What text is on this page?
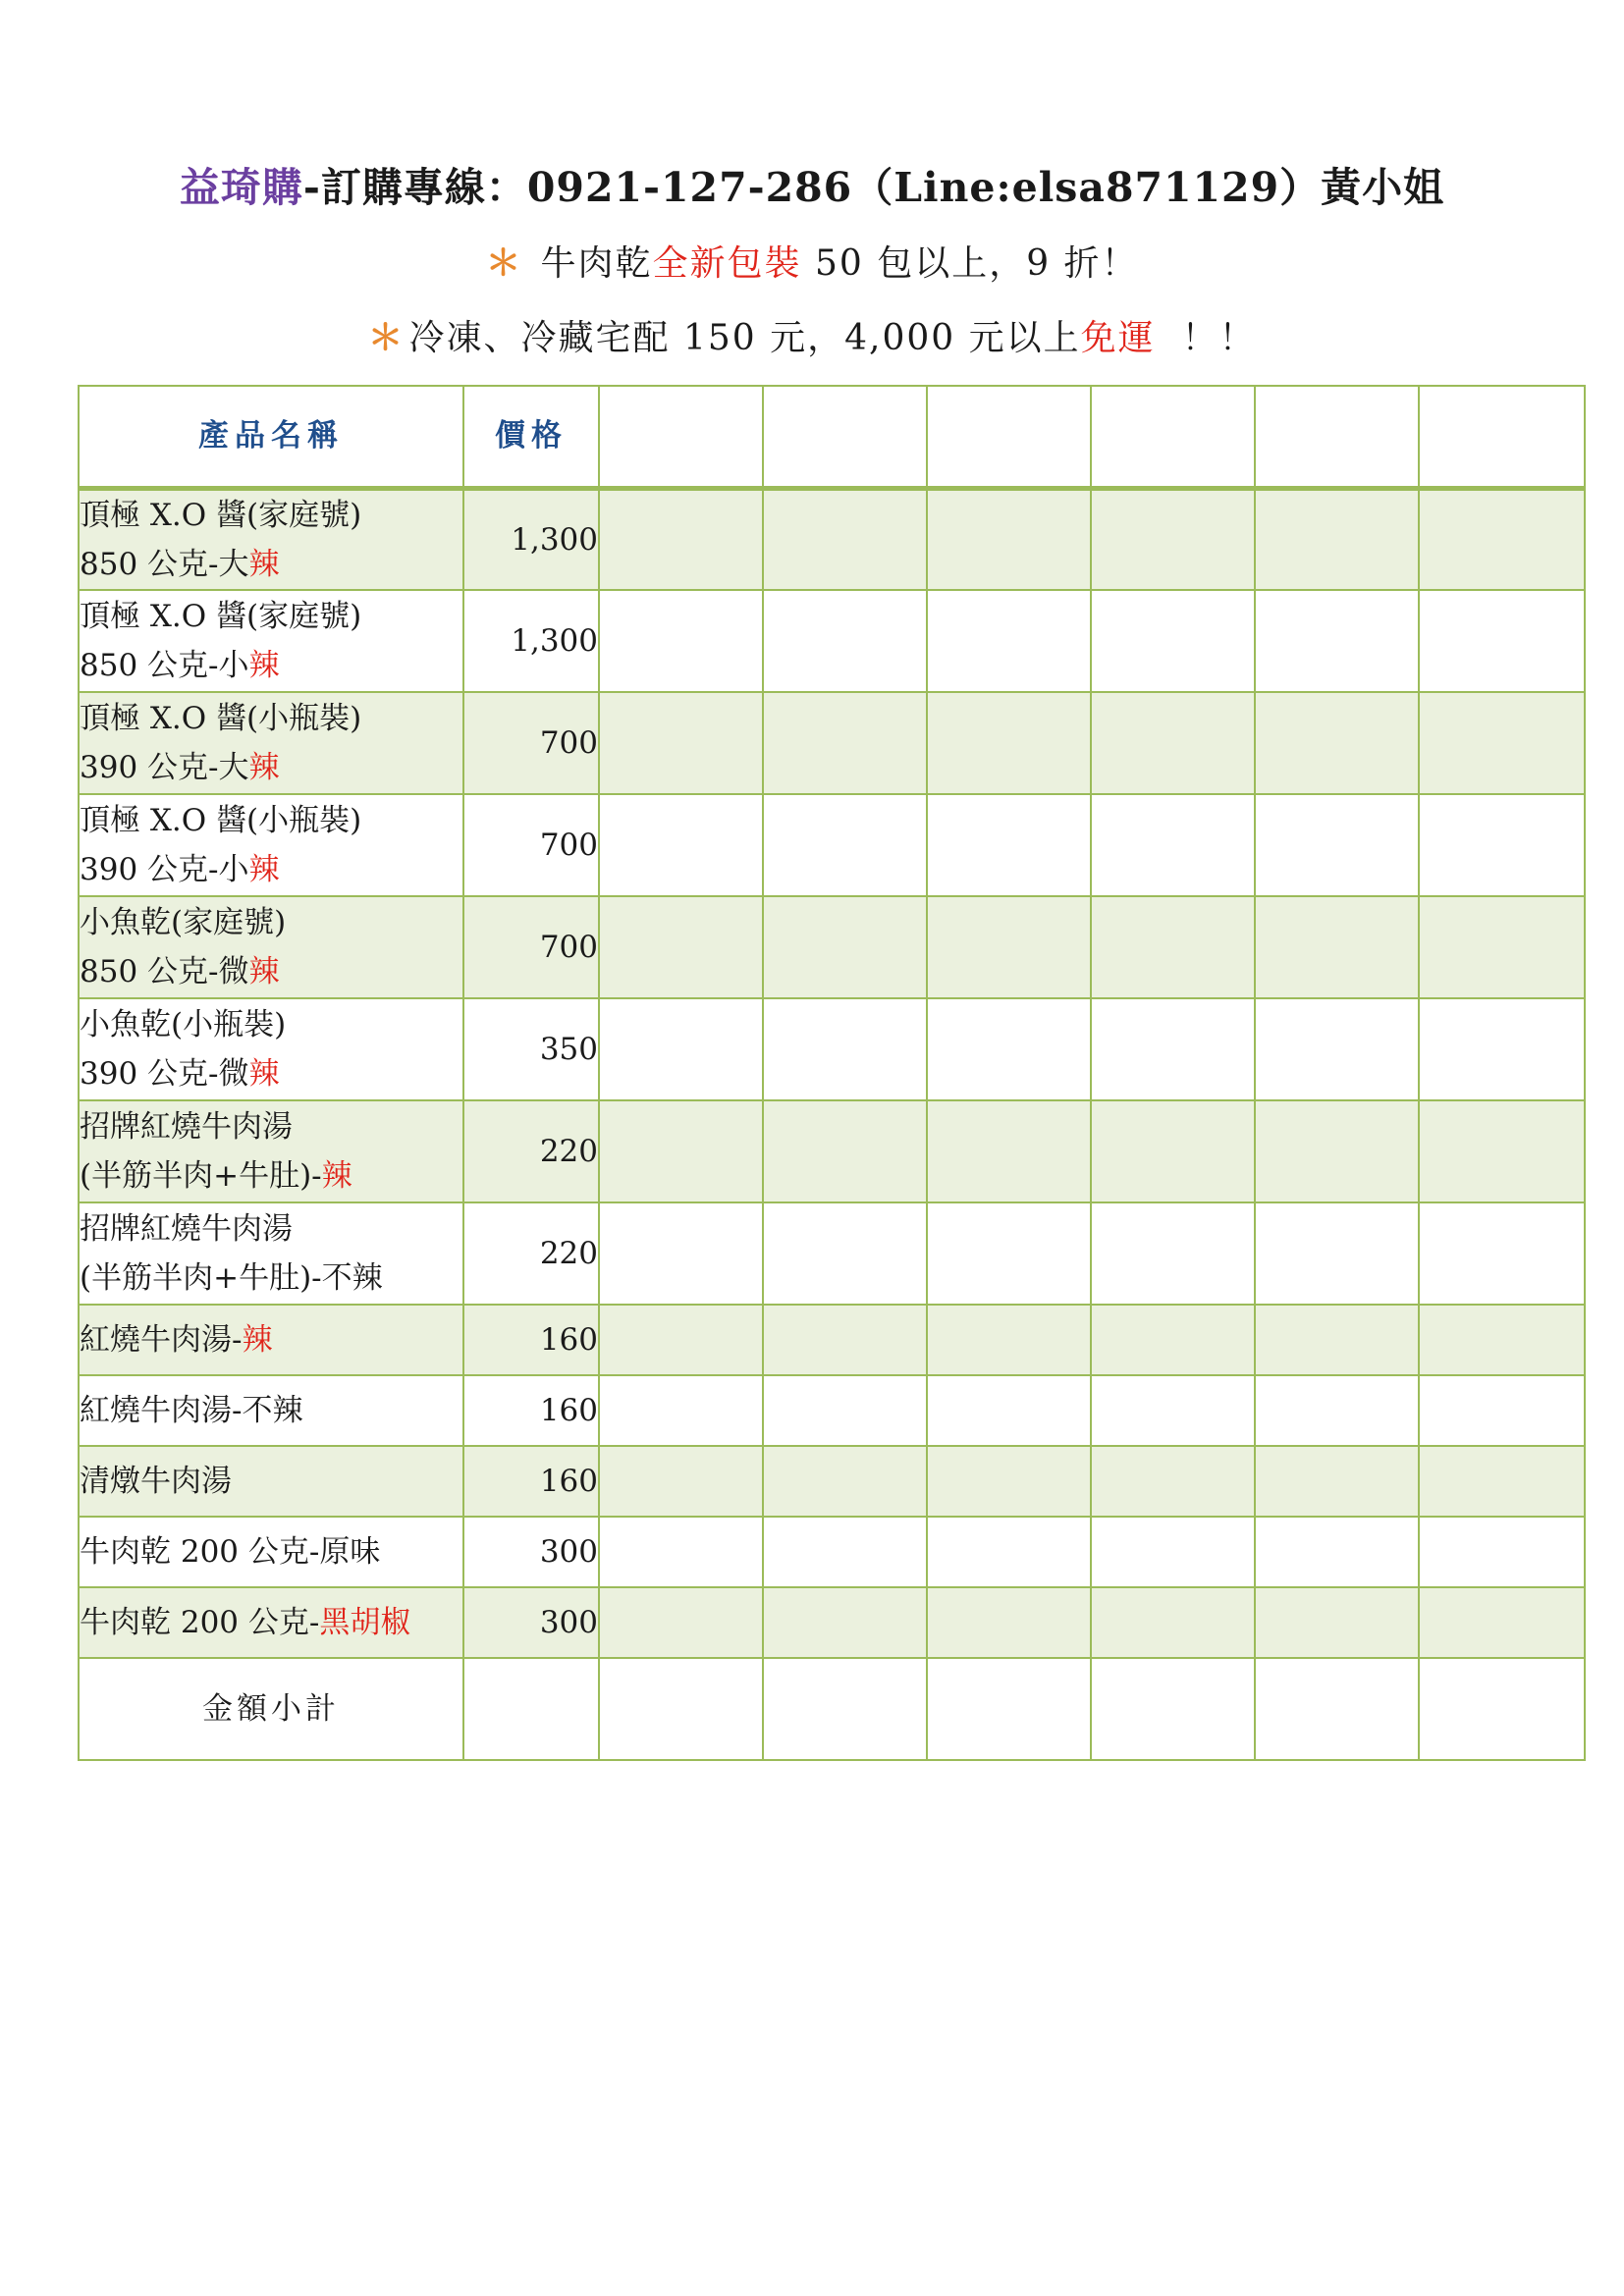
益琦購-訂購專線：0921-127-286（Line:elsa871129）黃小姐
＊ 牛肉乾全新包裝 50 包以上，9 折！
＊ 冷凍、冷藏宅配 150 元，4,000 元以上免運  ！！
產品名稱	價格						

頂極 X.O 醬(家庭號)
850 公克-大辣	1,300						

頂極 X.O 醬(家庭號)
850 公克-小辣	1,300						

頂極 X.O 醬(小瓶裝)
390 公克-大辣	700						

頂極 X.O 醬(小瓶裝)
390 公克-小辣	700						

小魚乾(家庭號)
850 公克-微辣	700						

小魚乾(小瓶裝)
390 公克-微辣	350						

招牌紅燒牛肉湯
(半筋半肉+牛肚)-辣	220						

招牌紅燒牛肉湯
(半筋半肉+牛肚)-不辣	220						
紅燒牛肉湯-辣	160						
紅燒牛肉湯-不辣	160						
清燉牛肉湯	160						
牛肉乾 200 公克-原味	300						
牛肉乾 200 公克-黑胡椒	300						
金額小計							
